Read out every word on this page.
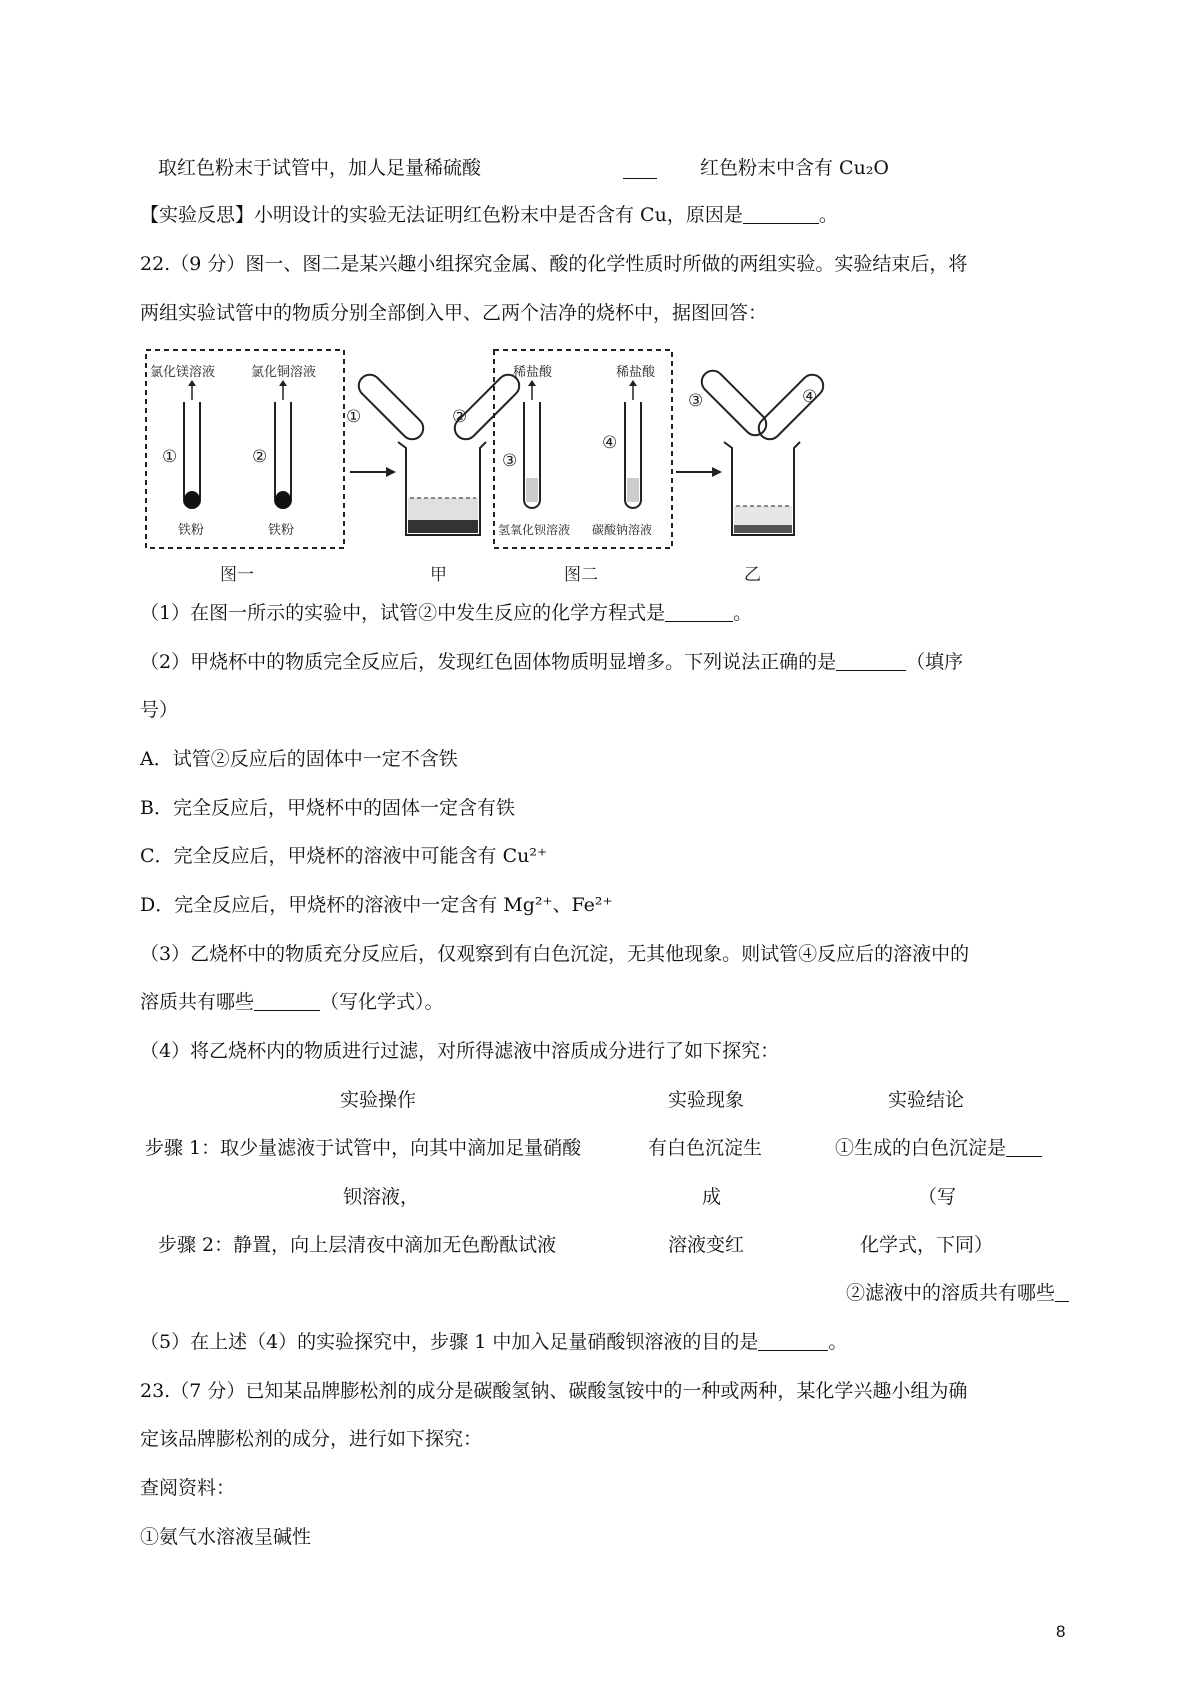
取红色粉末于试管中，加人足量稀硫酸	红色粉末中含有 Cu₂O
【实验反思】小明设计的实验无法证明红色粉末中是否含有 Cu，原因是	。
22.（9 分）图一、图二是某兴趣小组探究金属、酸的化学性质时所做的两组实验。实验结束后，将
两组实验试管中的物质分别全部倒入甲、乙两个洁净的烧杯中，据图回答：
氯化镁溶液	氯化铜溶液
①	②
铁粉	铁粉
①	②
稀盐酸	稀盐酸
③
④
氢氧化钡溶液 碳酸钠溶液
③	④
图一	甲	图二	乙
（1）在图一所示的实验中，试管②中发生反应的化学方程式是	。
（2）甲烧杯中的物质完全反应后，发现红色固体物质明显增多。下列说法正确的是	（填序
号）
A．试管②反应后的固体中一定不含铁
B．完全反应后，甲烧杯中的固体一定含有铁
C．完全反应后，甲烧杯的溶液中可能含有 Cu²⁺
D．完全反应后，甲烧杯的溶液中一定含有 Mg²⁺、Fe²⁺
（3）乙烧杯中的物质充分反应后，仅观察到有白色沉淀，无其他现象。则试管④反应后的溶液中的
溶质共有哪些	（写化学式）。
（4）将乙烧杯内的物质进行过滤，对所得滤液中溶质成分进行了如下探究：
实验操作	实验现象	实验结论
步骤 1：取少量滤液于试管中，向其中滴加足量硝酸	有白色沉淀生	①生成的白色沉淀是
钡溶液，	成	（写
步骤 2：静置，向上层清夜中滴加无色酚酞试液	溶液变红	化学式，下同）
②滤液中的溶质共有哪些
（5）在上述（4）的实验探究中，步骤 1 中加入足量硝酸钡溶液的目的是	。
23.（7 分）已知某品牌膨松剂的成分是碳酸氢钠、碳酸氢铵中的一种或两种，某化学兴趣小组为确
定该品牌膨松剂的成分，进行如下探究：
查阅资料：
①氨气水溶液呈碱性
8
